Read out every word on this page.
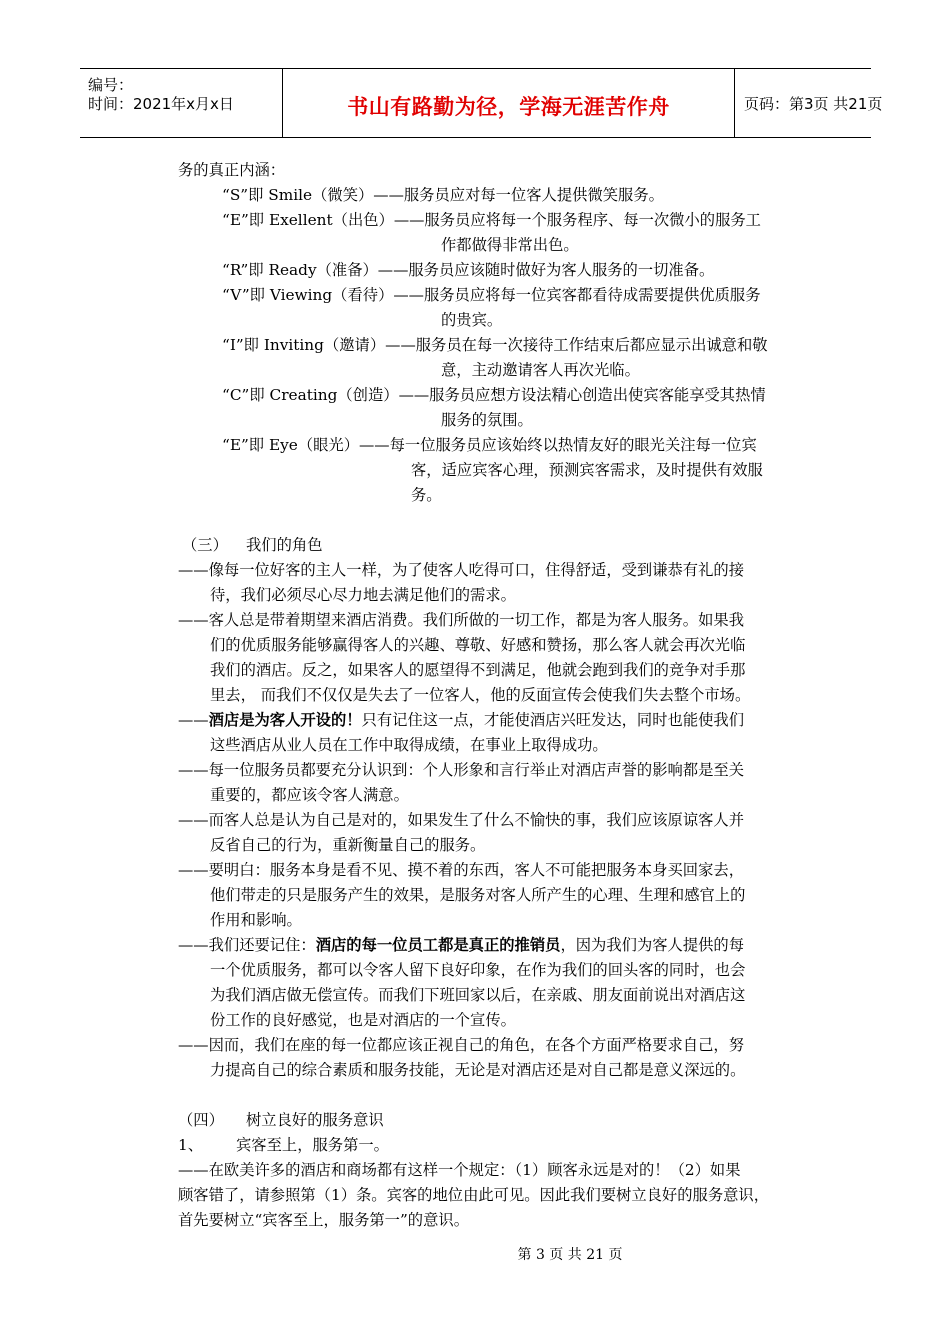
编号：
时间：2021年x月x日	书山有路勤为径，学海无涯苦作舟	页码：第3页 共21页
务的真正内涵：
“S”即 Smile（微笑）——服务员应对每一位客人提供微笑服务。
“E”即 Exellent（出色）——服务员应将每一个服务程序、每一次微小的服务工
作都做得非常出色。
“R”即 Ready（准备）——服务员应该随时做好为客人服务的一切准备。
“V”即 Viewing（看待）——服务员应将每一位宾客都看待成需要提供优质服务
的贵宾。
“I”即 Inviting（邀请）——服务员在每一次接待工作结束后都应显示出诚意和敬
意，主动邀请客人再次光临。
“C”即 Creating（创造）——服务员应想方设法精心创造出使宾客能享受其热情
服务的氛围。
“E”即 Eye（眼光）——每一位服务员应该始终以热情友好的眼光关注每一位宾
客，适应宾客心理，预测宾客需求，及时提供有效服
务。
（三） 我们的角色
——像每一位好客的主人一样，为了使客人吃得可口，住得舒适，受到谦恭有礼的接
待，我们必须尽心尽力地去满足他们的需求。
——客人总是带着期望来酒店消费。我们所做的一切工作，都是为客人服务。如果我
们的优质服务能够赢得客人的兴趣、尊敬、好感和赞扬，那么客人就会再次光临
我们的酒店。反之，如果客人的愿望得不到满足，他就会跑到我们的竞争对手那
里去， 而我们不仅仅是失去了一位客人，他的反面宣传会使我们失去整个市场。
——酒店是为客人开设的！只有记住这一点，才能使酒店兴旺发达，同时也能使我们
这些酒店从业人员在工作中取得成绩，在事业上取得成功。
——每一位服务员都要充分认识到：个人形象和言行举止对酒店声誉的影响都是至关
重要的，都应该令客人满意。
——而客人总是认为自己是对的，如果发生了什么不愉快的事，我们应该原谅客人并
反省自己的行为，重新衡量自己的服务。
——要明白：服务本身是看不见、摸不着的东西，客人不可能把服务本身买回家去，
他们带走的只是服务产生的效果，是服务对客人所产生的心理、生理和感官上的
作用和影响。
——我们还要记住：酒店的每一位员工都是真正的推销员，因为我们为客人提供的每
一个优质服务，都可以令客人留下良好印象，在作为我们的回头客的同时，也会
为我们酒店做无偿宣传。而我们下班回家以后，在亲戚、朋友面前说出对酒店这
份工作的良好感觉，也是对酒店的一个宣传。
——因而，我们在座的每一位都应该正视自己的角色，在各个方面严格要求自己，努
力提高自己的综合素质和服务技能，无论是对酒店还是对自己都是意义深远的。
（四） 树立良好的服务意识
1、 宾客至上，服务第一。
——在欧美许多的酒店和商场都有这样一个规定：（1）顾客永远是对的！（2）如果
顾客错了，请参照第（1）条。宾客的地位由此可见。因此我们要树立良好的服务意识，
首先要树立“宾客至上，服务第一”的意识。
第 3 页 共 21 页
